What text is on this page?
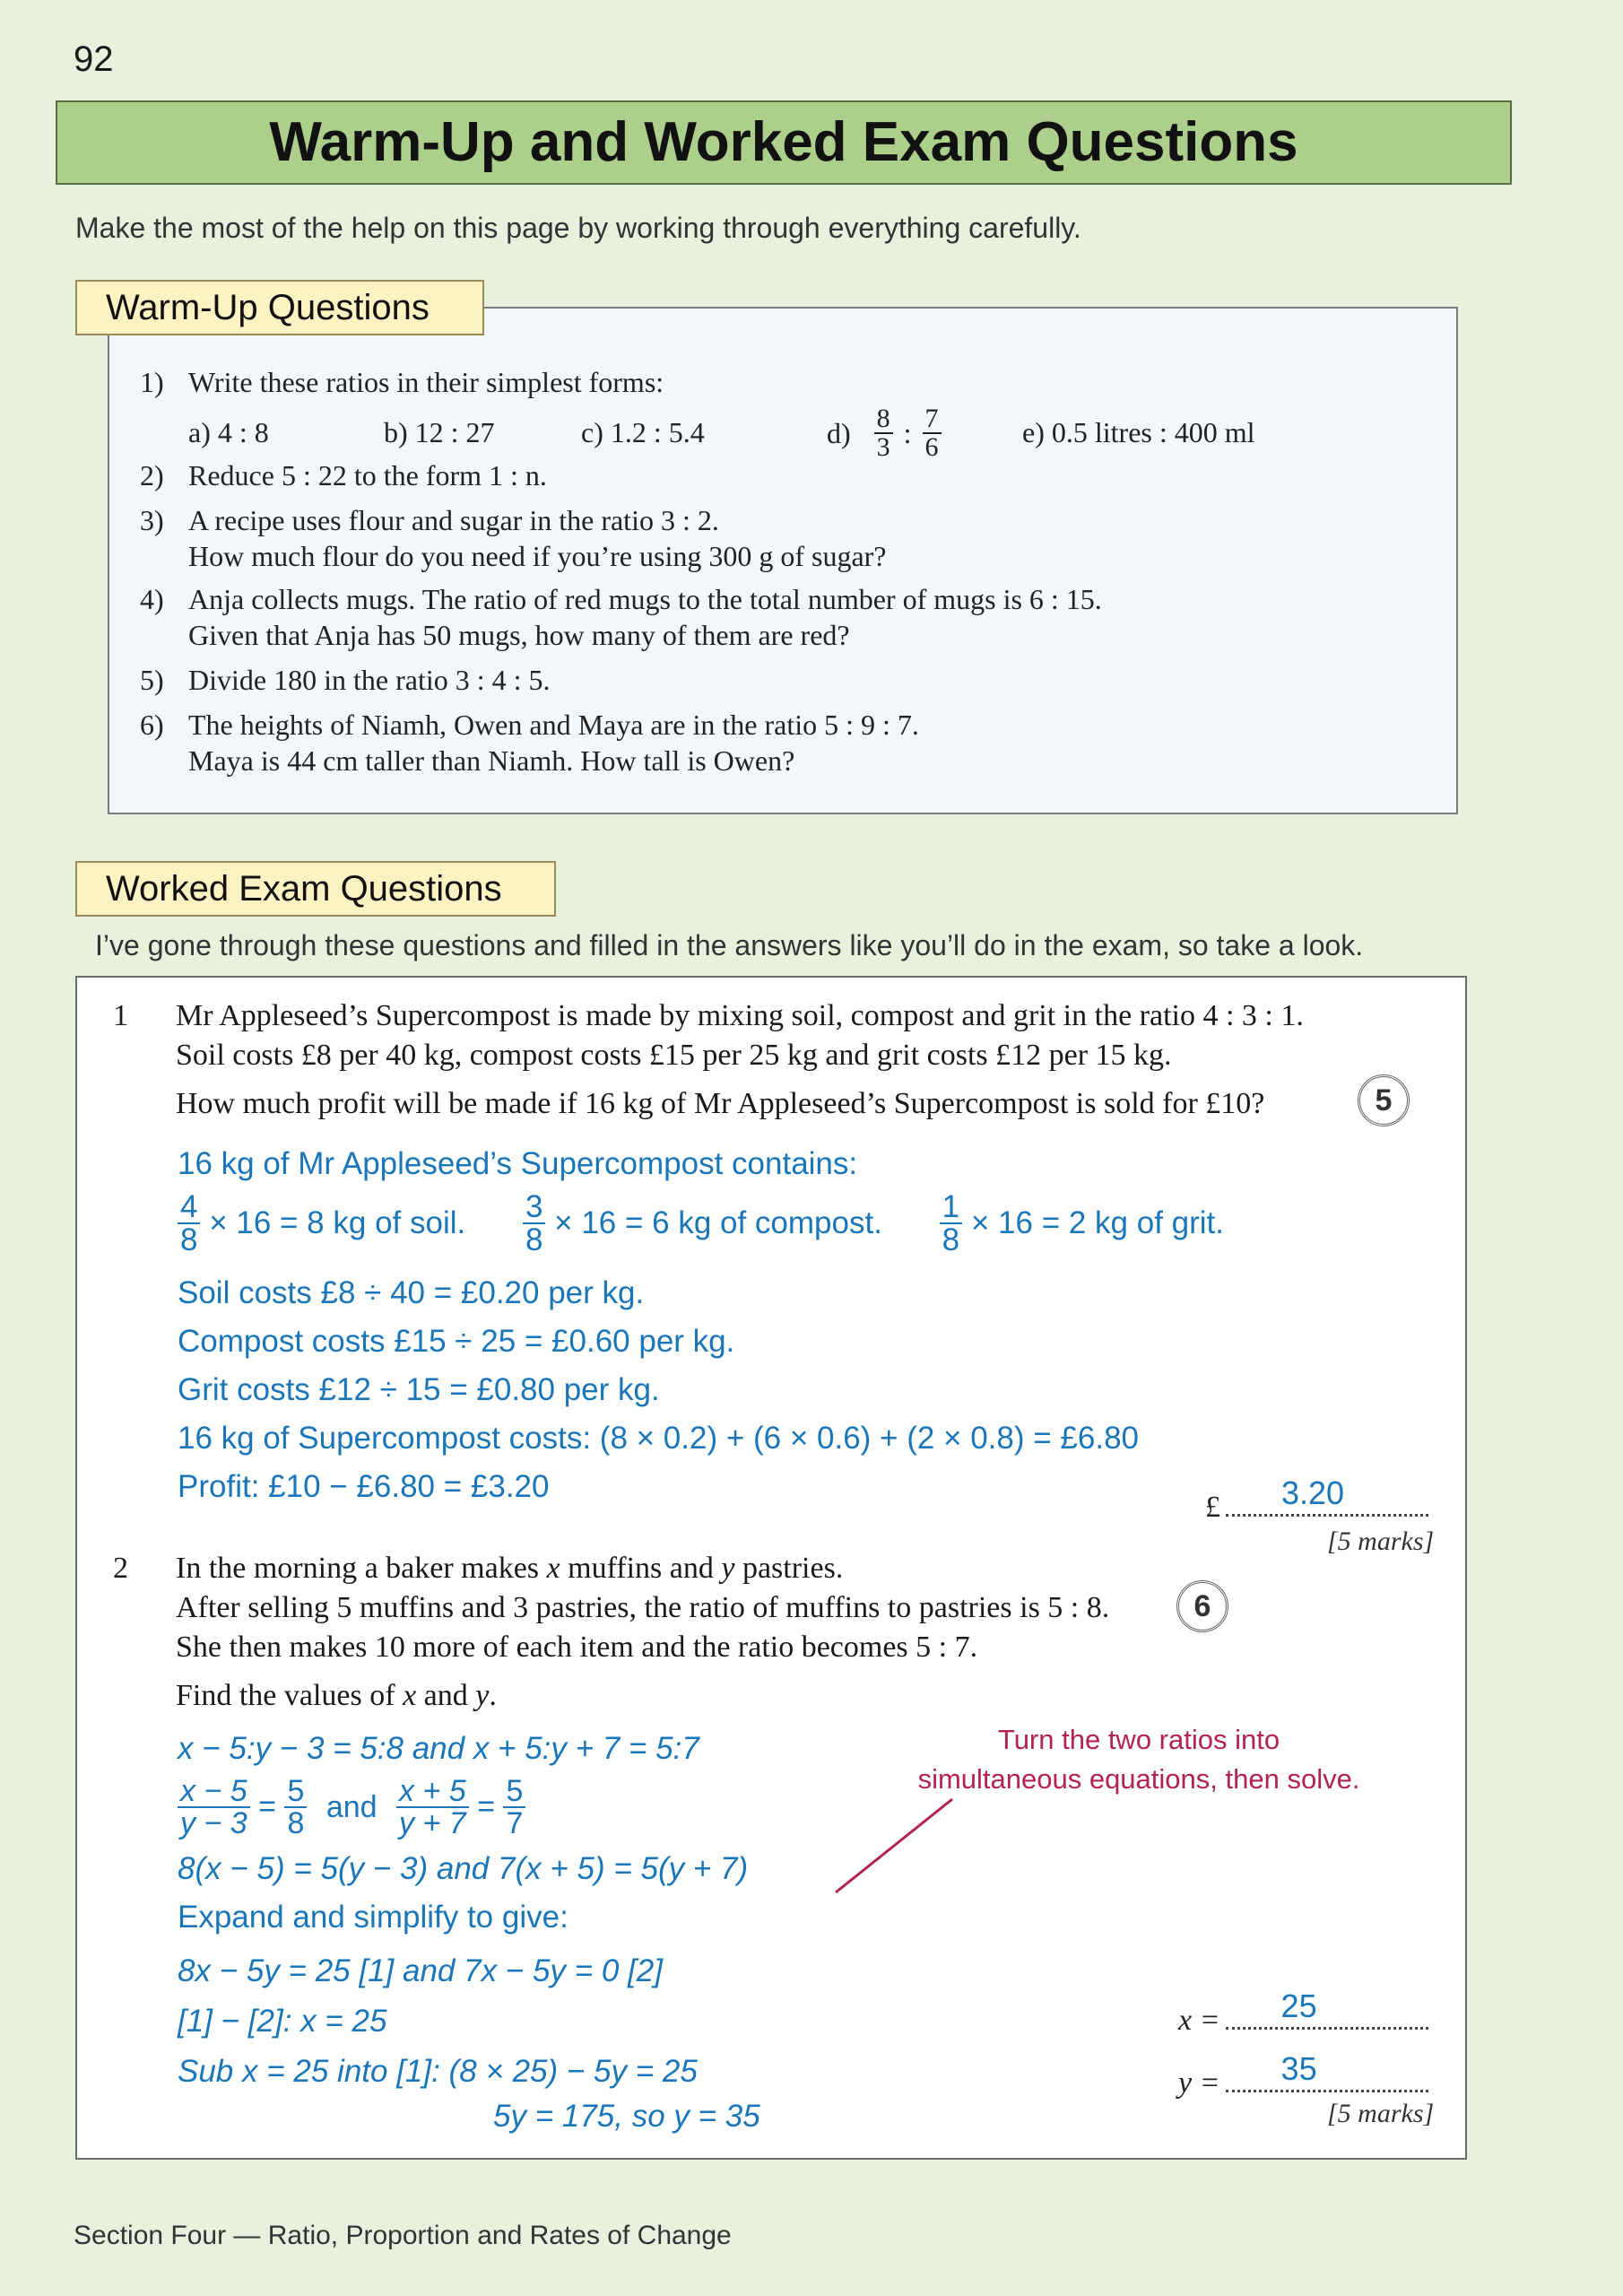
92
Warm-Up and Worked Exam Questions
Make the most of the help on this page by working through everything carefully.
Warm-Up Questions
1) Write these ratios in their simplest forms:
a) 4 : 8	b) 12 : 27	c) 1.2 : 5.4	$d) \frac{8}{3}$ : $\frac{7}{6}$	e) 0.5 litres : 400 ml
2) Reduce 5 : 22 to the form 1 : n.
3) A recipe uses flour and sugar in the ratio 3 : 2.
How much flour do you need if you’re using 300 g of sugar?
4) Anja collects mugs. The ratio of red mugs to the total number of mugs is 6 : 15.
Given that Anja has 50 mugs, how many of them are red?
5) Divide 180 in the ratio 3 : 4 : 5.
6) The heights of Niamh, Owen and Maya are in the ratio 5 : 9 : 7.
Maya is 44 cm taller than Niamh. How tall is Owen?
Worked Exam Questions
I’ve gone through these questions and filled in the answers like you’ll do in the exam, so take a look.
1 Mr Appleseed’s Supercompost is made by mixing soil, compost and grit in the ratio 4 : 3 : 1.
Soil costs £8 per 40 kg, compost costs £15 per 25 kg and grit costs £12 per 15 kg.
How much profit will be made if 16 kg of Mr Appleseed’s Supercompost is sold for £10?	5
16 kg of Mr Appleseed’s Supercompost contains:
$\frac{4}{8} \times 16 = 8$ kg of soil. $\frac{3}{8} \times 16 = 6$ kg of compost. $\frac{1}{8} \times 16 = 2$ kg of grit.
Soil costs £8 ÷ 40 = £0.20 per kg.
Compost costs £15 ÷ 25 = £0.60 per kg.
Grit costs £12 ÷ 15 = £0.80 per kg.
16 kg of Supercompost costs: (8 × 0.2) + (6 × 0.6) + (2 × 0.8) = £6.80
Profit: £10 − £6.80 = £3.20
£ 3.20
[5 marks]
2 In the morning a baker makes x muffins and y pastries.
After selling 5 muffins and 3 pastries, the ratio of muffins to pastries is 5 : 8.
She then makes 10 more of each item and the ratio becomes 5 : 7.
Find the values of x and y.
6
x − 5:y − 3 = 5:8 and x + 5:y + 7 = 5:7
$\frac{x - 5}{y - 3} = \frac{5}{8}$ and $\frac{x + 5}{y + 7} = \frac{5}{7}$
8(x − 5) = 5(y − 3) and 7(x + 5) = 5(y + 7)
Expand and simplify to give:
8x − 5y = 25 [1] and 7x − 5y = 0 [2]
[1] − [2]: x = 25
Sub x = 25 into [1]: (8 × 25) − 5y = 25
5y = 175, so y = 35
Turn the two ratios into
simultaneous equations, then solve.
x = 25
y = 35
[5 marks]
Section Four — Ratio, Proportion and Rates of Change
